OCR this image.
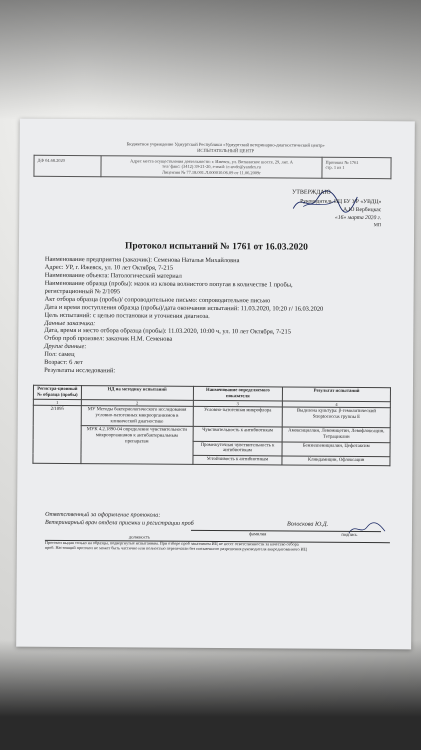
Бюджетное учреждение Удмуртской Республики «Удмуртский ветеринарно-диагностический центр»
ИСПЫТАТЕЛЬНЫЙ ЦЕНТР
ДФ 04.68.2020	Адрес места осуществления деятельности: г. Ижевск, ул. Воткинское шоссе, 29, лит. А
тел/ факс: (3412) 39-21-20, e-mail: ic-uvdc@yandex.ru
Лицензия № 77.18.001.Л.000010.06.09 от 11.06.2009г

Протокол № 1761
стр. 1 из 1
УТВЕРЖДАЮ
Руководитель ИЦ БУ УР «УВДЦ»
А.Ю Вербицкас
«16» марта 2020 г.
МП
Протокол испытаний № 1761 от 16.03.2020
Наименование предприятия (заказчик): Семенова Наталья Михайловна
Адрес: УР, г. Ижевск, ул. 10 лет Октября, 7-215
Наименование объекта: Патологический материал
Наименование образца (пробы): мазок из клюва волнистого попугая в количестве 1 пробы,
регистрационный № 2/1095
Акт отбора образца (пробы)/ сопроводительное письмо: сопроводительное письмо
Дата и время поступления образца (пробы)/дата окончания испытаний: 11.03.2020, 10:20 г/ 16.03.2020
Цель испытаний: с целью постановки и уточнения диагноза.
Данные заказчика:
Дата, время и место отбора образца (пробы): 11.03.2020, 10:00 ч, ул. 10 лет Октября, 7-215
Отбор проб произвел: заказчик Н.М. Семенова
Другие данные:
Пол: самец
Возраст: 6 лет
Результаты исследований:
Регистра-ционный № образца (пробы)	НД на методику испытаний	Наименование определяемого показателя	Результат испытаний
1	2	3	4
2/1095	МУ Методы бактериологического исследования условно-патогенных микроорганизмов в клинической диагностике	Условно-патогенная микрофлора	Выделена культура: β-гемолитический Streptococcus группы E
	МУК 4.2.1890-04 определение чувствительности микроорганизмов к антибактериальным препаратам	Чувствительность к антибиотикам	Амоксициллин, Левомицетин, Левофлоксацин, Тетрациклин
		Промежуточная чувствительность к антибиотикам	Бензилпенициллин, Цефотаксим
		Устойчивость к антибиотикам	Клиндамицин, Офлоксацин
Ответственный за оформление протокола:
Ветеринарный врач отдела приемки и регистрации проб	Волоскова Ю.Д.
должность
фамилия	подпись
Протокол выдан только на образцы, подвергнутые испытаниям. При отборе проб заказчиком ИЦ не несет ответственности за качество отбора
проб. Настоящий протокол не может быть частично или полностью перепечатан без письменного разрешения руководителя аккредитованного ИЦ
